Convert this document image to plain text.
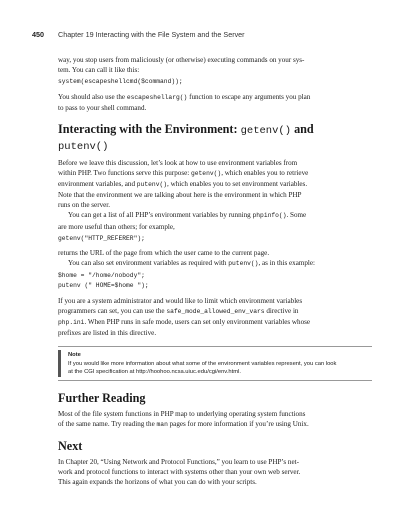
450 Chapter 19 Interacting with the File System and the Server

way, you stop users from maliciously (or otherwise) executing commands on your sys-
tem. You can call it like this:

system(escapeshellcmd($command));

You should also use the escapeshellarg() function to escape any arguments you plan
to pass to your shell command.

Interacting with the Environment: getenv() and
putenv()

Before we leave this discussion, let’s look at how to use environment variables from
within PHP. Two functions serve this purpose: getenv(), which enables you to retrieve
environment variables, and putenv(), which enables you to set environment variables.
Note that the environment we are talking about here is the environment in which PHP
runs on the server.

You can get a list of all PHP’s environment variables by running phpinfo(). Some
are more useful than others; for example,

getenv("HTTP_REFERER");

returns the URL of the page from which the user came to the current page.

You can also set environment variables as required with putenv(), as in this example:

$home = "/home/nobody";
putenv (" HOME=$home ");

If you are a system administrator and would like to limit which environment variables
programmers can set, you can use the safe_mode_allowed_env_vars directive in
php.ini. When PHP runs in safe mode, users can set only environment variables whose
prefixes are listed in this directive.

Note
If you would like more information about what some of the environment variables represent, you can look
at the CGI specification at http://hoohoo.ncsa.uiuc.edu/cgi/env.html.
Further Reading

Most of the file system functions in PHP map to underlying operating system functions
of the same name. Try reading the man pages for more information if you’re using Unix.

Next

In Chapter 20, “Using Network and Protocol Functions,” you learn to use PHP’s net-
work and protocol functions to interact with systems other than your own web server.
This again expands the horizons of what you can do with your scripts.
